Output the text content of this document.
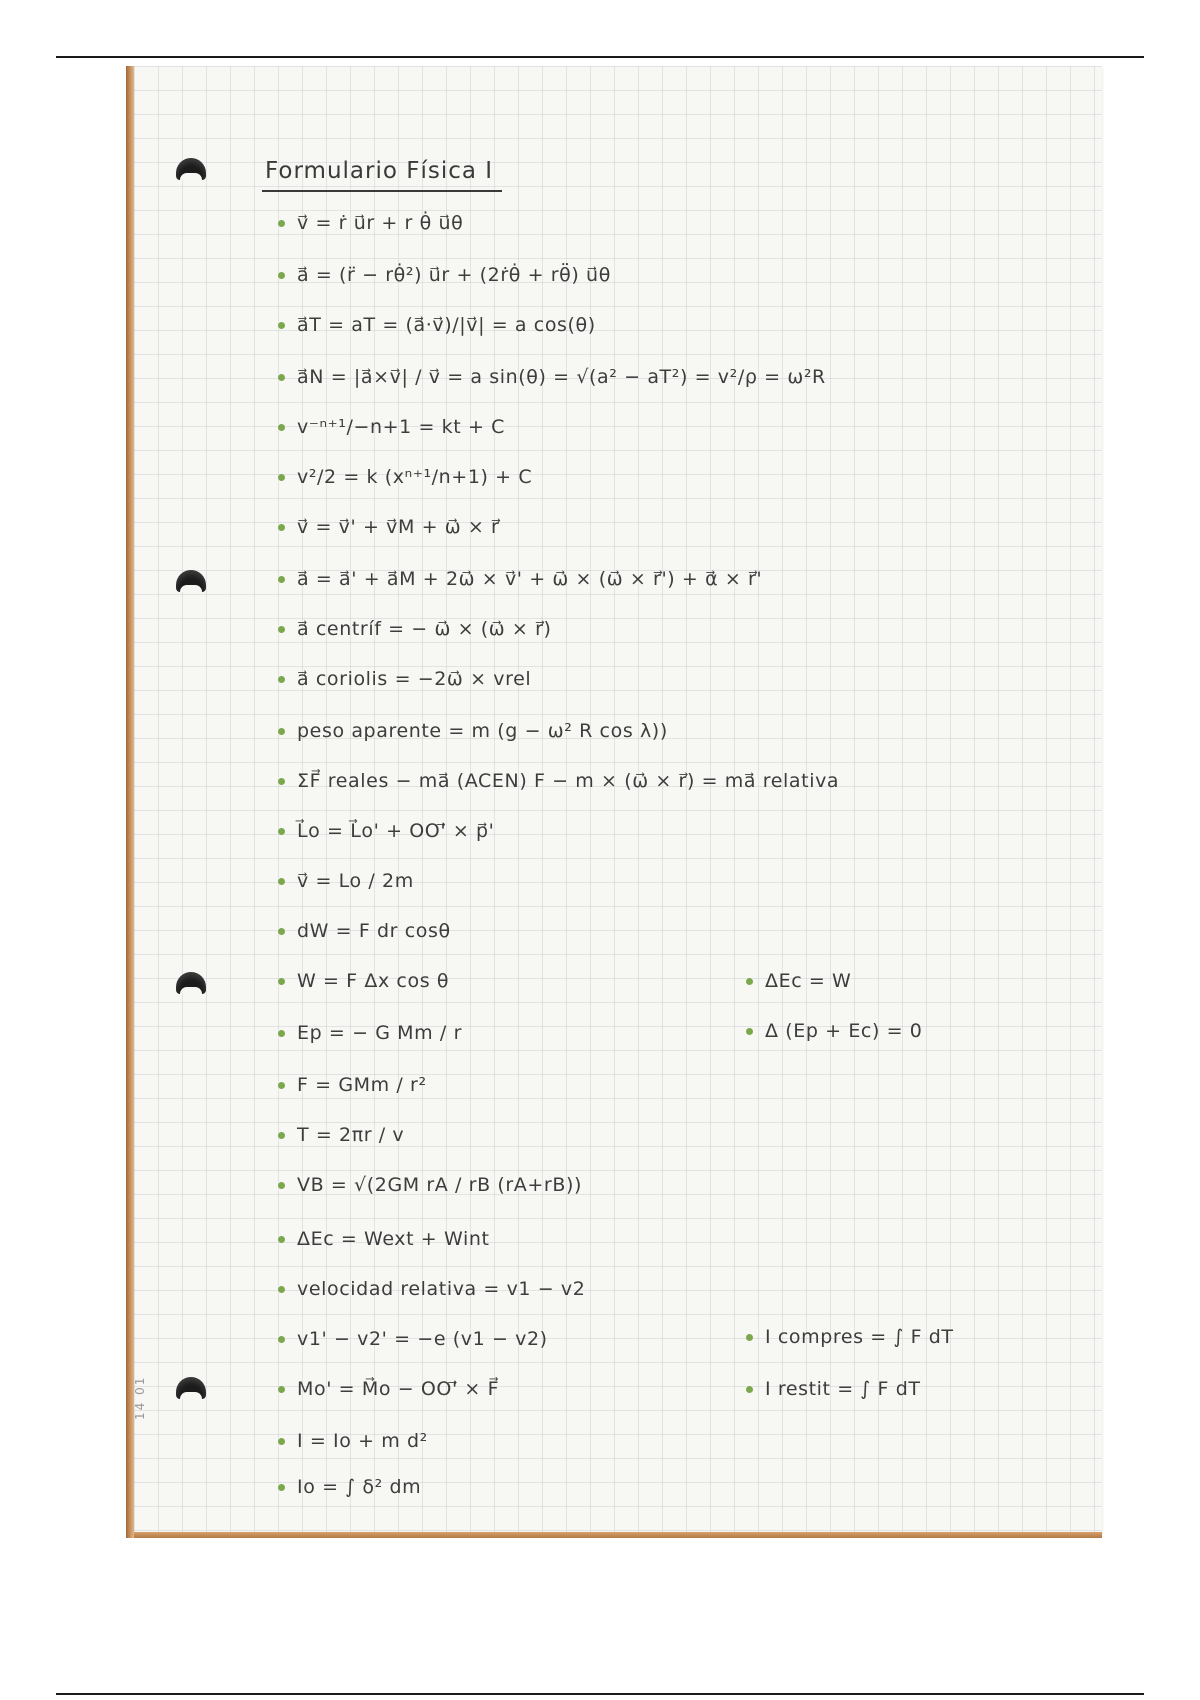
14 01
Formulario Física I
v⃗ = ṙ u⃗r + r θ̇ u⃗θ
a⃗ = (r̈ − rθ̇²) u⃗r + (2ṙθ̇ + rθ̈) u⃗θ
a⃗T = aT = (a⃗·v⃗)/|v⃗| = a cos(θ)
a⃗N = |a⃗×v⃗| / v⃗ = a sin(θ) = √(a² − aT²) = v²/ρ = ω²R
v⁻ⁿ⁺¹/−n+1 = kt + C
v²/2 = k (xⁿ⁺¹/n+1) + C
v⃗ = v⃗' + v⃗M + ω⃗ × r⃗
a⃗ = a⃗' + a⃗M + 2ω⃗ × v⃗' + ω⃗ × (ω⃗ × r⃗') + α⃗ × r⃗'
a⃗ centríf = − ω⃗ × (ω⃗ × r⃗)
a⃗ coriolis = −2ω⃗ × vrel
peso aparente = m (g − ω² R cos λ))
ΣF⃗ reales − ma⃗ (ACEN) F − m × (ω⃗ × r⃗) = ma⃗ relativa
L⃗o = L⃗o' + OO'⃗ × p⃗'
v⃗ = Lo / 2m
dW = F dr cosθ
W = F Δx cos θ
Ep = − G Mm / r
F = GMm / r²
T = 2πr / v
VB = √(2GM rA / rB (rA+rB))
ΔEc = Wext + Wint
velocidad relativa = v1 − v2
v1' − v2' = −e (v1 − v2)
Mo' = M⃗o − OO'⃗ × F⃗
I = Io + m d²
Io = ∫ δ² dm
ΔEc = W
Δ (Ep + Ec) = 0
I compres = ∫ F dT
I restit = ∫ F dT
